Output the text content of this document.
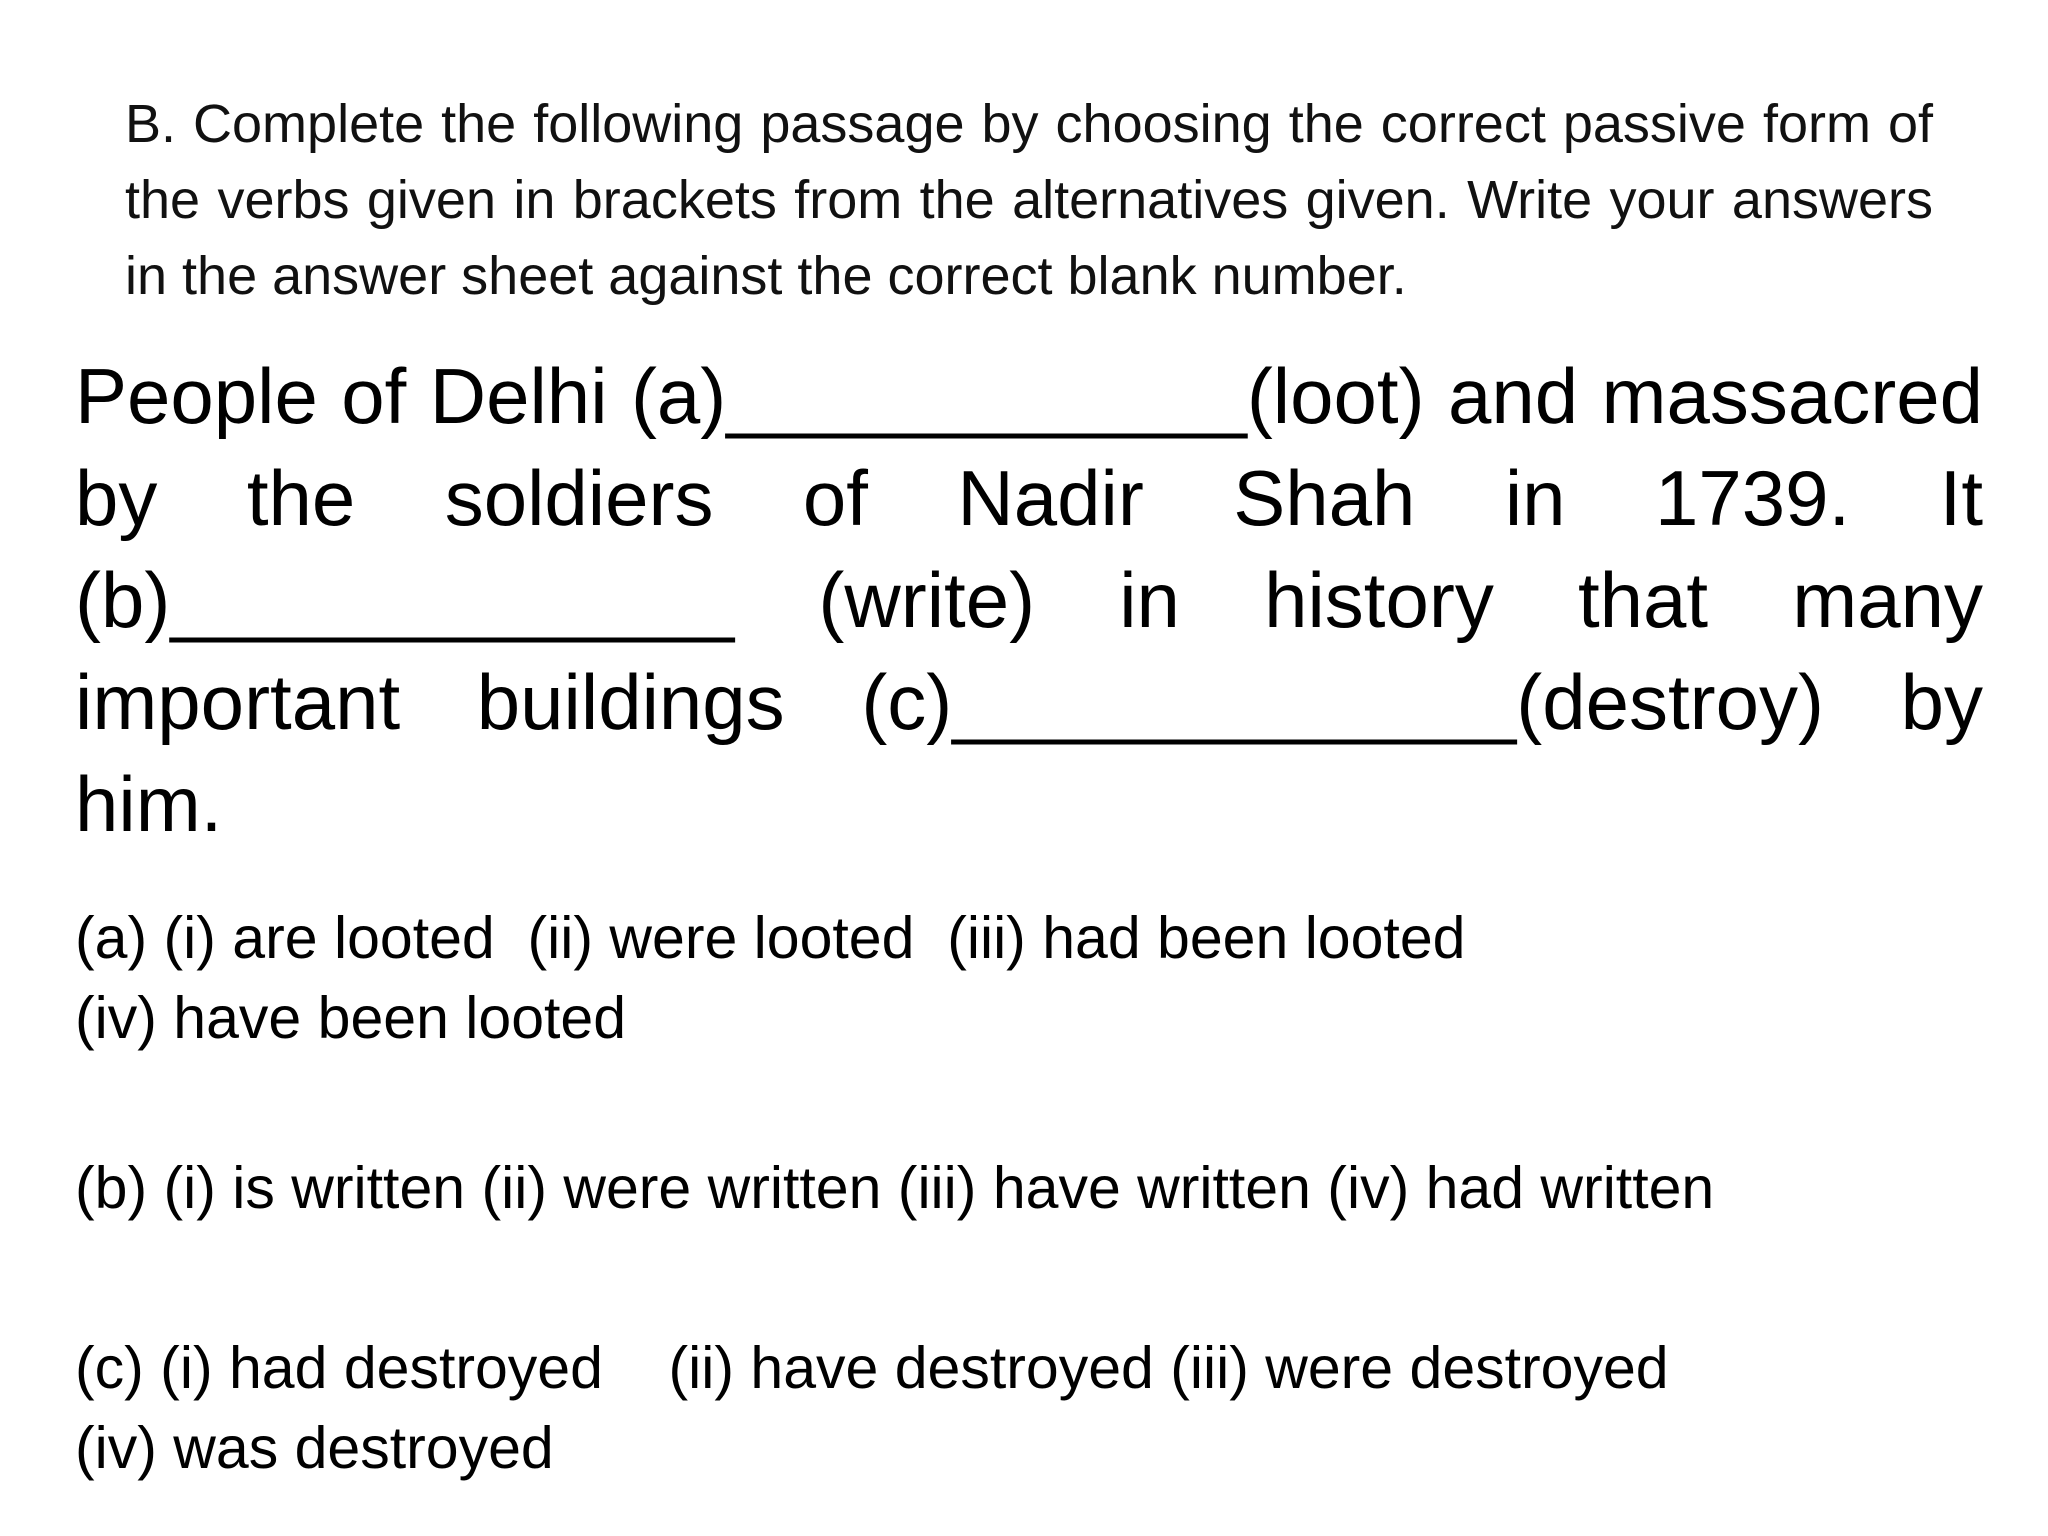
B. Complete the following passage by choosing the correct passive form of the verbs given in brackets from the alternatives given. Write your answers in the answer sheet against the correct blank number.
People of Delhi (a)____________(loot) and massacred by the soldiers of Nadir Shah in 1739. It (b)_____________ (write) in history that many important buildings (c)_____________(destroy) by him.
(a) (i) are looted  (ii) were looted  (iii) had been looted
(iv) have been looted
(b) (i) is written (ii) were written (iii) have written (iv) had written
(c) (i) had destroyed    (ii) have destroyed (iii) were destroyed
(iv) was destroyed
